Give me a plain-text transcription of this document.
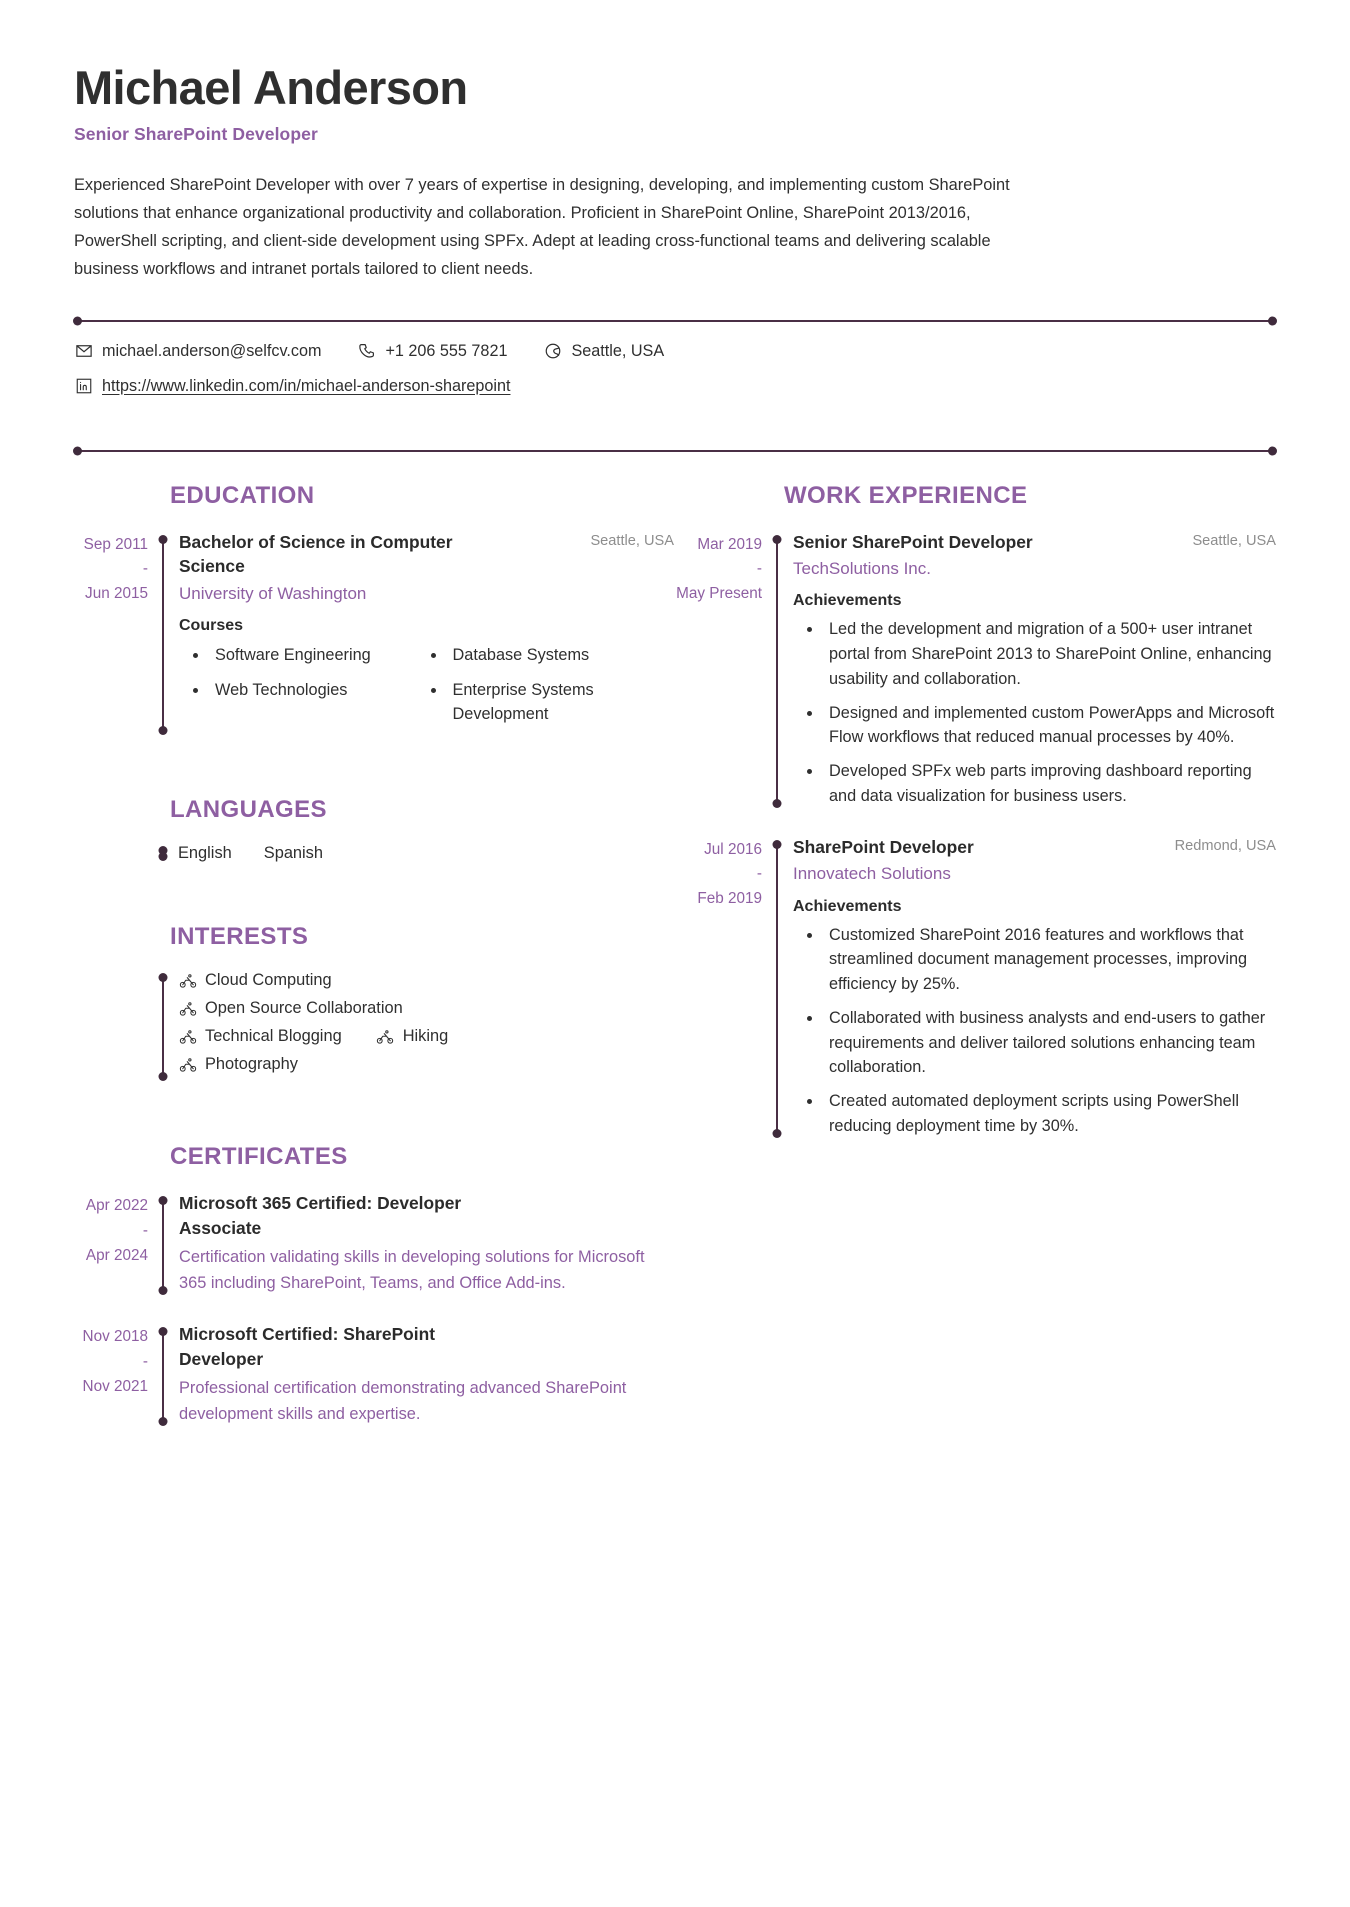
Michael Anderson
Senior SharePoint Developer

Experienced SharePoint Developer with over 7 years of expertise in designing, developing, and implementing custom SharePoint solutions that enhance organizational productivity and collaboration. Proficient in SharePoint Online, SharePoint 2013/2016, PowerShell scripting, and client-side development using SPFx. Adept at leading cross-functional teams and delivering scalable business workflows and intranet portals tailored to client needs.

michael.anderson@selfcv.com	+1 206 555 7821	Seattle, USA
https://www.linkedin.com/in/michael-anderson-sharepoint
EDUCATION
Sep 2011
-
Jun 2015
Bachelor of Science in Computer Science
Seattle, USA
University of Washington
Courses
• Software Engineering	• Database Systems
• Web Technologies	• Enterprise Systems Development
LANGUAGES
English Spanish
INTERESTS
Cloud Computing
Open Source Collaboration
Technical Blogging	Hiking
Photography
CERTIFICATES
Apr 2022
-
Apr 2024
Microsoft 365 Certified: Developer Associate
Certification validating skills in developing solutions for Microsoft 365 including SharePoint, Teams, and Office Add-ins.
Nov 2018
-
Nov 2021
Microsoft Certified: SharePoint Developer
Professional certification demonstrating advanced SharePoint development skills and expertise.
WORK EXPERIENCE
Mar 2019
-
May Present
Senior SharePoint Developer	Seattle, USA
TechSolutions Inc.
Achievements
• Led the development and migration of a 500+ user intranet portal from SharePoint 2013 to SharePoint Online, enhancing usability and collaboration.
• Designed and implemented custom PowerApps and Microsoft Flow workflows that reduced manual processes by 40%.
• Developed SPFx web parts improving dashboard reporting and data visualization for business users.
Jul 2016
-
Feb 2019
SharePoint Developer	Redmond, USA
Innovatech Solutions
Achievements
• Customized SharePoint 2016 features and workflows that streamlined document management processes, improving efficiency by 25%.
• Collaborated with business analysts and end-users to gather requirements and deliver tailored solutions enhancing team collaboration.
• Created automated deployment scripts using PowerShell reducing deployment time by 30%.
